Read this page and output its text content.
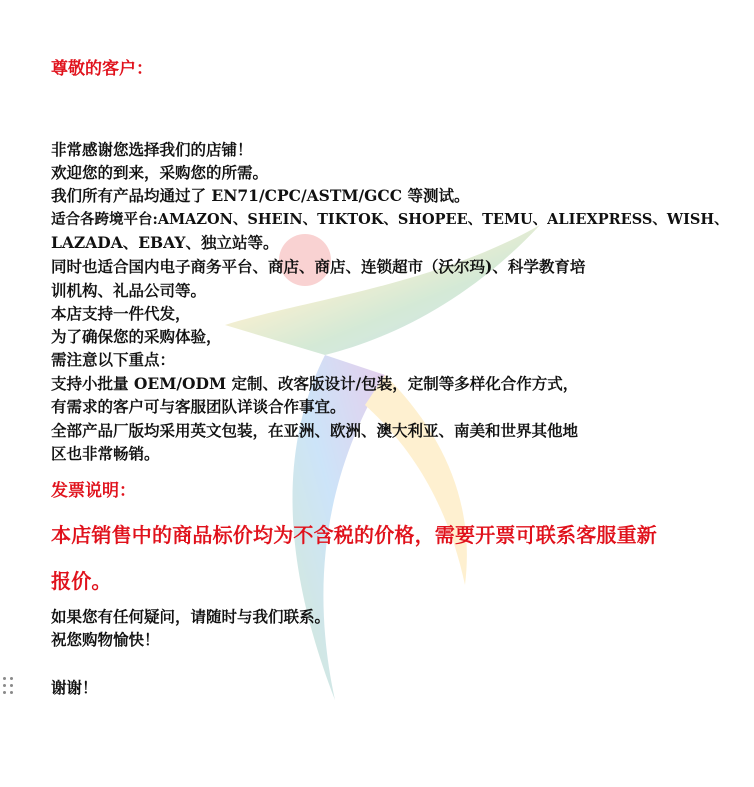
尊敬的客户：
非常感谢您选择我们的店铺！
欢迎您的到来，采购您的所需。
我们所有产品均通过了 EN71/CPC/ASTM/GCC 等测试。
适合各跨境平台:AMAZON、SHEIN、TIKTOK、SHOPEE、TEMU、ALIEXPRESS、WISH、
LAZADA、EBAY、独立站等。
同时也适合国内电子商务平台、商店、商店、连锁超市（沃尔玛)、科学教育培
训机构、礼品公司等。
本店支持一件代发，
为了确保您的采购体验，
需注意以下重点：
支持小批量 OEM/ODM 定制、改客版设计/包装，定制等多样化合作方式，
有需求的客户可与客服团队详谈合作事宜。
全部产品厂版均采用英文包装，在亚洲、欧洲、澳大利亚、南美和世界其他地
区也非常畅销。
发票说明：
本店销售中的商品标价均为不含税的价格，需要开票可联系客服重新
报价。
如果您有任何疑问，请随时与我们联系。
祝您购物愉快！
谢谢！
